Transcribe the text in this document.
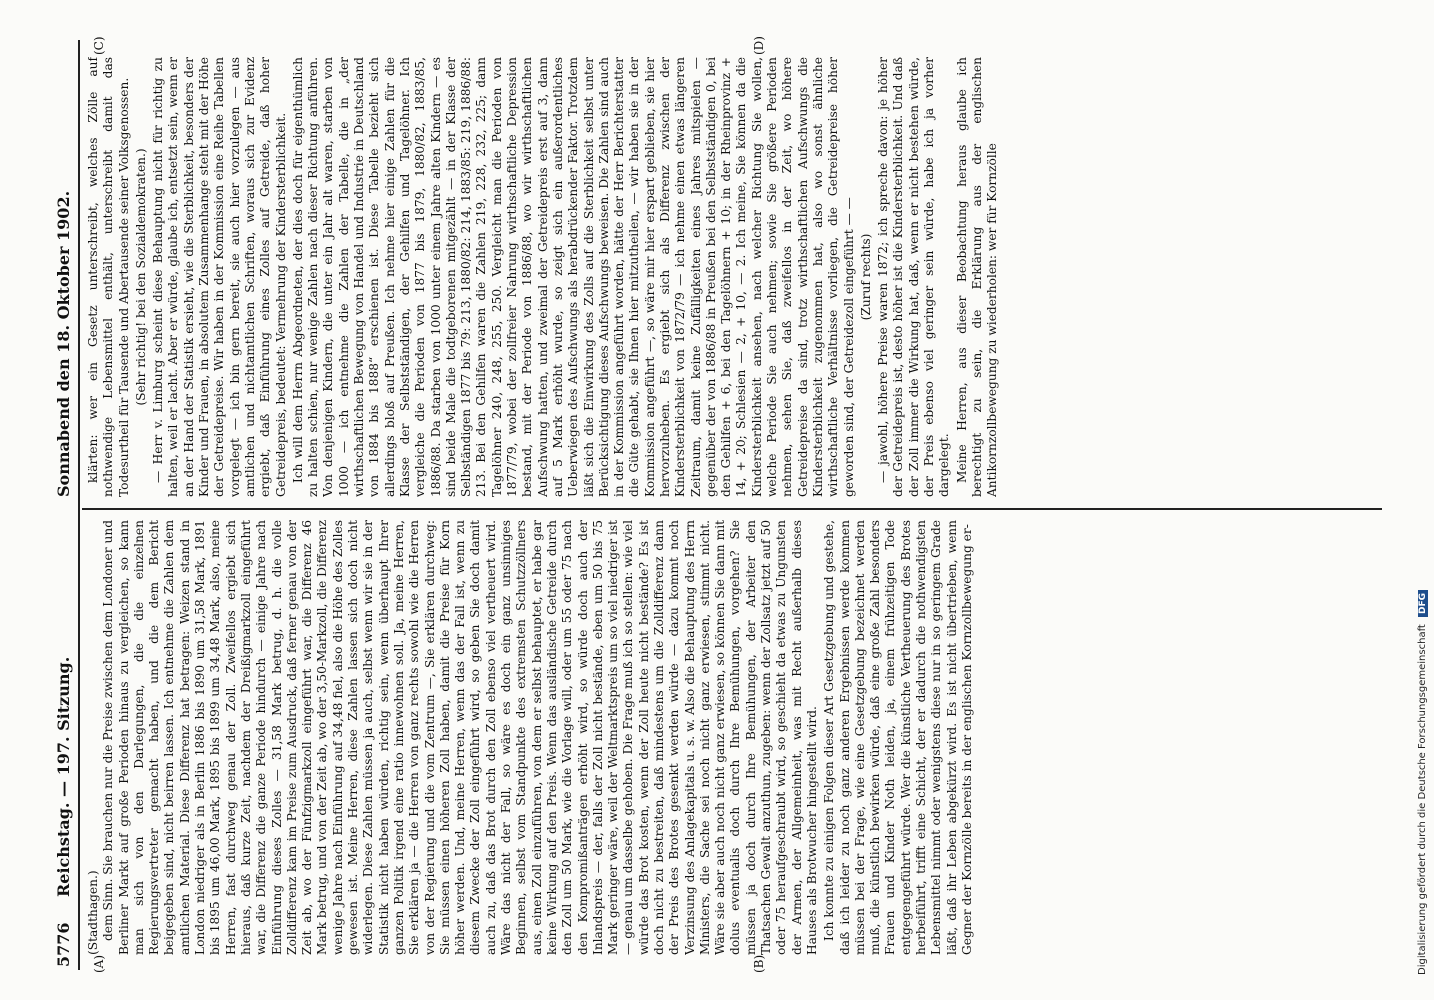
5776
Reichstag. — 197. Sitzung.
Sonnabend den 18. Oktober 1902.
(A)	(B)
(C)	(D)

(Stadthagen.) dem Sinn. Sie brauchen nur die Preise zwischen dem Londoner und Berliner Markt auf große Perioden hinaus zu vergleichen, so kann man sich von den Darlegungen, die die einzelnen Regierungsvertreter gemacht haben, und die dem Bericht beigegeben sind, nicht beirren lassen. Ich entnehme die Zahlen dem amtlichen Material. Diese Differenz hat betragen: Weizen stand in London niedriger als in Berlin 1886 bis 1890 um 31,58 Mark, 1891 bis 1895 um 46,00 Mark, 1895 bis 1899 um 34,48 Mark, also, meine Herren, fast durchweg genau der Zoll. Zweifellos ergiebt sich hieraus, daß kurze Zeit, nachdem der Dreißigmarkzoll eingeführt war, die Differenz die ganze Periode hindurch — einige Jahre nach Einführung dieses Zolles — 31,58 Mark betrug, d. h. die volle Zolldifferenz kam im Preise zum Ausdruck, daß ferner genau von der Zeit ab, wo der Fünfzigmarkzoll eingeführt war, die Differenz 46 Mark betrug, und von der Zeit ab, wo der 3,50-Markzoll, die Differenz wenige Jahre nach Einführung auf 34,48 fiel, also die Höhe des Zolles gewesen ist. Meine Herren, diese Zahlen lassen sich doch nicht widerlegen. Diese Zahlen müssen ja auch, selbst wenn wir sie in der Statistik nicht haben würden, richtig sein, wenn überhaupt Ihrer ganzen Politik irgend eine ratio innewohnen soll. Ja, meine Herren, Sie erklären ja — die Herren von ganz rechts sowohl wie die Herren von der Regierung und die vom Zentrum —, Sie erklären durchweg: Sie müssen einen höheren Zoll haben, damit die Preise für Korn höher werden. Und, meine Herren, wenn das der Fall ist, wenn zu diesem Zwecke der Zoll eingeführt wird, so geben Sie doch damit auch zu, daß das Brot durch den Zoll ebenso viel vertheuert wird. Wäre das nicht der Fall, so wäre es doch ein ganz unsinniges Beginnen, selbst vom Standpunkte des extremsten Schutzzöllners aus, einen Zoll einzuführen, von dem er selbst behauptet, er habe gar keine Wirkung auf den Preis. Wenn das ausländische Getreide durch den Zoll um 50 Mark, wie die Vorlage will, oder um 55 oder 75 nach den Kompromißanträgen erhöht wird, so würde doch auch der Inlandspreis — der, falls der Zoll nicht bestände, eben um 50 bis 75 Mark geringer wäre, weil der Weltmarktspreis um so viel niedriger ist — genau um dasselbe gehoben. Die Frage muß ich so stellen: wie viel würde das Brot kosten, wenn der Zoll heute nicht bestände? Es ist doch nicht zu bestreiten, daß mindestens um die Zolldifferenz dann der Preis des Brotes gesenkt werden würde — dazu kommt noch Verzinsung des Anlagekapitals u. s. w. Also die Behauptung des Herrn Ministers, die Sache sei noch nicht ganz erwiesen, stimmt nicht. Wäre sie aber auch noch nicht ganz erwiesen, so können Sie dann mit dolus eventualis doch durch Ihre Bemühungen, vorgehen? Sie müssen ja doch durch Ihre Bemühungen, der Arbeiter den Thatsachen Gewalt anzuthun, zugeben: wenn der Zollsatz jetzt auf 50 oder 75 heraufgeschraubt wird, so geschieht da etwas zu Ungunsten der Armen, der Allgemeinheit, was mit Recht außerhalb dieses Hauses als Brotwucher hingestellt wird. Ich konnte zu einigen Folgen dieser Art Gesetzgebung und gestehe, daß ich leider zu noch ganz anderen Ergebnissen werde kommen müssen bei der Frage, wie eine Gesetzgebung bezeichnet werden muß, die künstlich bewirken würde, daß eine große Zahl besonders Frauen und Kinder Noth leiden, ja, einem frühzeitigen Tode entgegengeführt würde. Wer die künstliche Vertheuerung des Brotes herbeiführt, trifft eine Schicht, der er dadurch die nothwendigsten Lebensmittel nimmt oder wenigstens diese nur in so geringem Grade läßt, daß ihr Leben abgekürzt wird. Es ist nicht übertrieben, wenn Gegner der Kornzölle bereits in der englischen Kornzollbewegung er-

klärten: wer ein Gesetz unterschreibt, welches Zölle auf nothwendige Lebensmittel enthält, unterschreibt damit das Todesurtheil für Tausende und Abertausende seiner Volksgenossen. (Sehr richtig! bei den Sozialdemokraten.) — Herr v. Limburg scheint diese Behauptung nicht für richtig zu halten, weil er lacht. Aber er würde, glaube ich, entsetzt sein, wenn er an der Hand der Statistik ersieht, wie die Sterblichkeit, besonders der Kinder und Frauen, in absolutem Zusammenhange steht mit der Höhe der Getreidepreise. Wir haben in der Kommission eine Reihe Tabellen vorgelegt — ich bin gern bereit, sie auch hier vorzulegen — aus amtlichen und nichtamtlichen Schriften, woraus sich zur Evidenz ergiebt, daß Einführung eines Zolles auf Getreide, daß hoher Getreidepreis, bedeutet: Vermehrung der Kindersterblichkeit. Ich will dem Herrn Abgeordneten, der dies doch für eigenthümlich zu halten schien, nur wenige Zahlen nach dieser Richtung anführen. Von denjenigen Kindern, die unter ein Jahr alt waren, starben von 1000 — ich entnehme die Zahlen der Tabelle, die in „der wirthschaftlichen Bewegung von Handel und Industrie in Deutschland von 1884 bis 1888“ erschienen ist. Diese Tabelle bezieht sich allerdings bloß auf Preußen. Ich nehme hier einige Zahlen für die Klasse der Selbstständigen, der Gehilfen und Tagelöhner. Ich vergleiche die Perioden von 1877 bis 1879, 1880/82, 1883/85, 1886/88. Da starben von 1000 unter einem Jahre alten Kindern — es sind beide Male die todtgeborenen mitgezählt — in der Klasse der Selbständigen 1877 bis 79: 213, 1880/82: 214, 1883/85: 219, 1886/88: 213. Bei den Gehilfen waren die Zahlen 219, 228, 232, 225; dann Tagelöhner 240, 248, 255, 250. Vergleicht man die Perioden von 1877/79, wobei der zollfreier Nahrung wirthschaftliche Depression bestand, mit der Periode von 1886/88, wo wir wirthschaftlichen Aufschwung hatten, und zweimal der Getreidepreis erst auf 3, dann auf 5 Mark erhöht wurde, so zeigt sich ein außerordentliches Ueberwiegen des Aufschwungs als herabdrückender Faktor. Trotzdem läßt sich die Einwirkung des Zolls auf die Sterblichkeit selbst unter Berücksichtigung dieses Aufschwungs beweisen. Die Zahlen sind auch in der Kommission angeführt worden, hätte der Herr Berichterstatter die Güte gehabt, sie Ihnen hier mitzutheilen, — wir haben sie in der Kommission angeführt —, so wäre mir hier erspart geblieben, sie hier hervorzuheben. Es ergiebt sich als Differenz zwischen der Kindersterblichkeit von 1872/79 — ich nehme einen etwas längeren Zeitraum, damit keine Zufälligkeiten eines Jahres mitspielen — gegenüber der von 1886/88 in Preußen bei den Selbstständigen 0, bei den Gehilfen + 6, bei den Tagelöhnern + 10; in der Rheinprovinz + 14, + 20; Schlesien — 2, + 10, — 2. Ich meine, Sie können da die Kindersterblichkeit ansehen, nach welcher Richtung Sie wollen, welche Periode Sie auch nehmen; sowie Sie größere Perioden nehmen, sehen Sie, daß zweifellos in der Zeit, wo höhere Getreidepreise da sind, trotz wirthschaftlichen Aufschwungs die Kindersterblichkeit zugenommen hat, also wo sonst ähnliche wirthschaftliche Verhältnisse vorliegen, die Getreidepreise höher geworden sind, der Getreidezoll eingeführt — — (Zuruf rechts) — jawohl, höhere Preise waren 1872; ich spreche davon: je höher der Getreidepreis ist, desto höher ist die Kindersterblichkeit. Und daß der Zoll immer die Wirkung hat, daß, wenn er nicht bestehen würde, der Preis ebenso viel geringer sein würde, habe ich ja vorher dargelegt. Meine Herren, aus dieser Beobachtung heraus glaube ich berechtigt zu sein, die Erklärung aus der englischen Antikornzollbewegung zu wiederholen: wer für Kornzölle

Digitalisierung gefördert durch die Deutsche Forschungsgemeinschaft DFG
